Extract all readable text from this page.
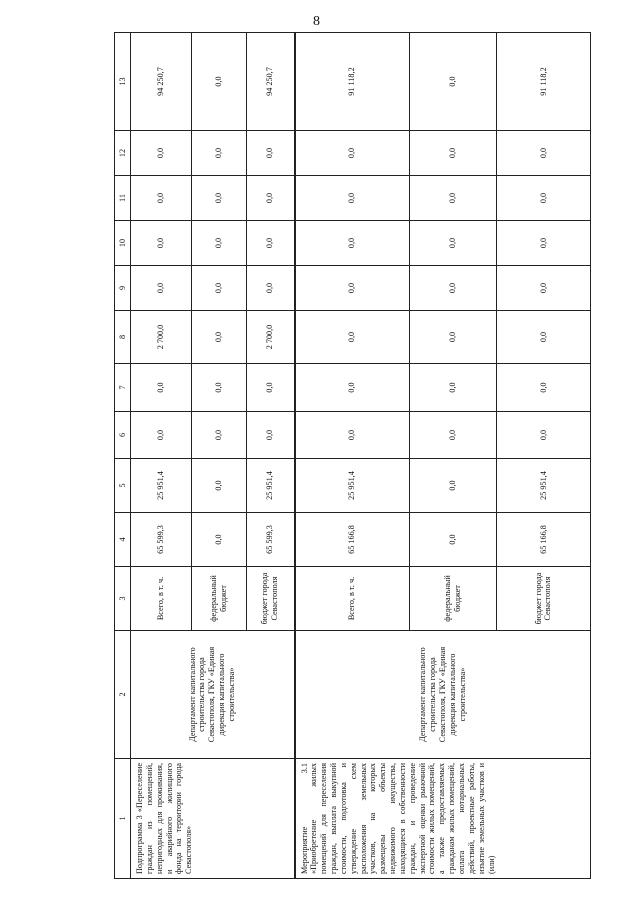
8
1	2	3	4	5	6	7	8	9	10	11	12	13
Подпрограмма 3 «Переселение граждан из помещений, непригодных для проживания, и аварийного жилищного фонда на территории города Севастополя»	Департамент капитального строительства города Севастополя, ГКУ «Единая дирекция капитального строительства»	Всего, в т. ч.	65 599,3	25 951,4	0,0	0,0	2 700,0	0,0	0,0	0,0	0,0	94 250,7
		федеральный бюджет	0,0	0,0	0,0	0,0	0,0	0,0	0,0	0,0	0,0	0,0
		бюджет города Севастополя	65 599,3	25 951,4	0,0	0,0	2 700,0	0,0	0,0	0,0	0,0	94 250,7
Мероприятие 3.1 «Приобретение жилых помещений для переселения граждан, выплата выкупной стоимости, подготовка и утверждение схем расположения земельных участков, на которых размещены объекты недвижимого имущества, находящиеся в собственности граждан, и проведение экспертной оценки рыночной стоимости жилых помещений, а также предоставляемых гражданам жилых помещений, оплата нотариальных действий, проектные работы, изъятие земельных участков и (или)	Департамент капитального строительства города Севастополя, ГКУ «Единая дирекция капитального строительства»	Всего, в т. ч.	65 166,8	25 951,4	0,0	0,0	0,0	0,0	0,0	0,0	0,0	91 118,2
		федеральный бюджет	0,0	0,0	0,0	0,0	0,0	0,0	0,0	0,0	0,0	0,0
		бюджет города Севастополя	65 166,8	25 951,4	0,0	0,0	0,0	0,0	0,0	0,0	0,0	91 118,2
